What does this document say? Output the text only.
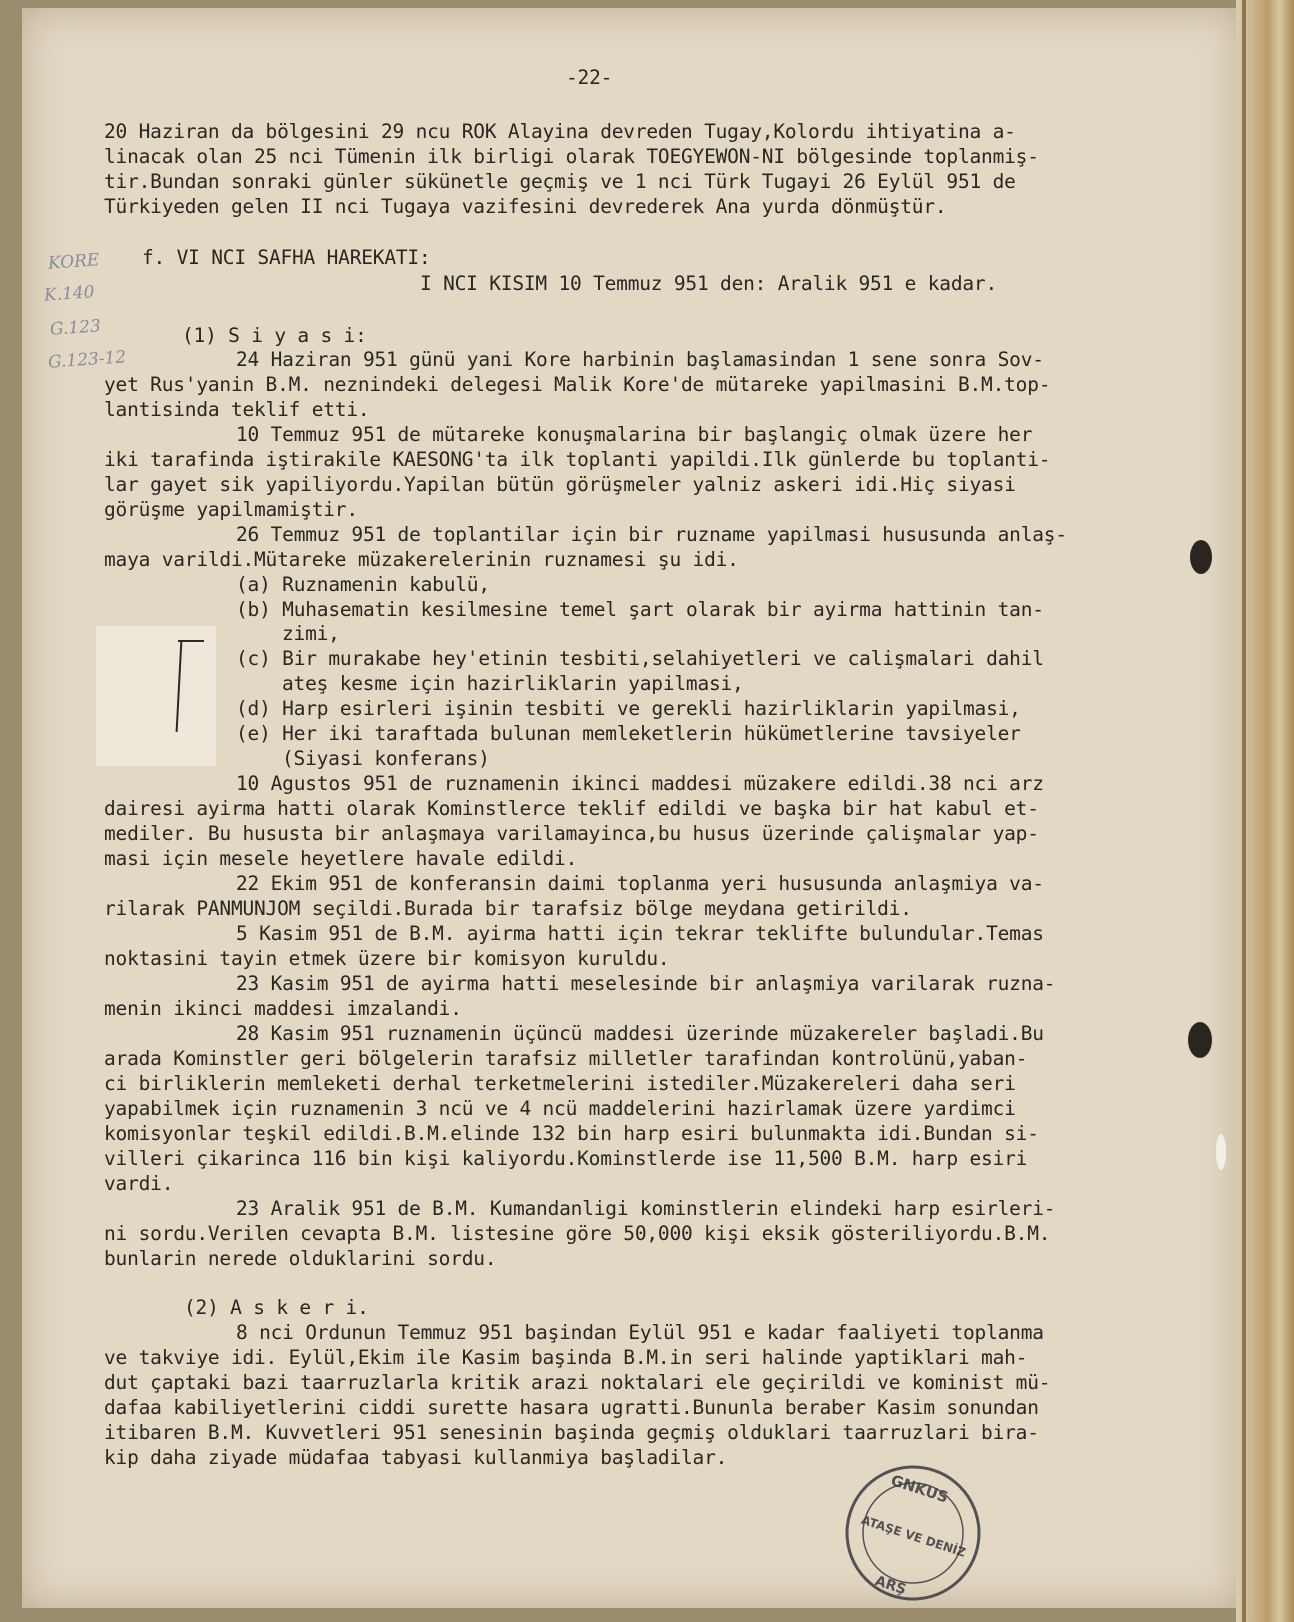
-22-
KORE
K.140
G.123
G.123-12
20 Haziran da bölgesini 29 ncu ROK Alayina devreden Tugay,Kolordu ihtiyatina a-
linacak olan 25 nci Tümenin ilk birligi olarak TOEGYEWON-NI bölgesinde toplanmiş-
tir.Bundan sonraki günler sükünetle geçmiş ve 1 nci Türk Tugayi 26 Eylül 951 de
Türkiyeden gelen II nci Tugaya vazifesini devrederek Ana yurda dönmüştür.
f. VI NCI SAFHA HAREKATI:
I NCI KISIM 10 Temmuz 951 den: Aralik 951 e kadar.
(1) S i y a s i:
24 Haziran 951 günü yani Kore harbinin başlamasindan 1 sene sonra Sov-
yet Rus'yanin B.M. neznindeki delegesi Malik Kore'de mütareke yapilmasini B.M.top-
lantisinda teklif etti.
10 Temmuz 951 de mütareke konuşmalarina bir başlangiç olmak üzere her
iki tarafinda iştirakile KAESONG'ta ilk toplanti yapildi.Ilk günlerde bu toplanti-
lar gayet sik yapiliyordu.Yapilan bütün görüşmeler yalniz askeri idi.Hiç siyasi
görüşme yapilmamiştir.
26 Temmuz 951 de toplantilar için bir ruzname yapilmasi hususunda anlaş-
maya varildi.Mütareke müzakerelerinin ruznamesi şu idi.
(a) Ruznamenin kabulü,
(b) Muhasematin kesilmesine temel şart olarak bir ayirma hattinin tan-
zimi,
(c) Bir murakabe hey'etinin tesbiti,selahiyetleri ve calişmalari dahil
ateş kesme için hazirliklarin yapilmasi,
(d) Harp esirleri işinin tesbiti ve gerekli hazirliklarin yapilmasi,
(e) Her iki taraftada bulunan memleketlerin hükümetlerine tavsiyeler
(Siyasi konferans)
10 Agustos 951 de ruznamenin ikinci maddesi müzakere edildi.38 nci arz
dairesi ayirma hatti olarak Kominstlerce teklif edildi ve başka bir hat kabul et-
mediler. Bu hususta bir anlaşmaya varilamayinca,bu husus üzerinde çalişmalar yap-
masi için mesele heyetlere havale edildi.
22 Ekim 951 de konferansin daimi toplanma yeri hususunda anlaşmiya va-
rilarak PANMUNJOM seçildi.Burada bir tarafsiz bölge meydana getirildi.
5 Kasim 951 de B.M. ayirma hatti için tekrar teklifte bulundular.Temas
noktasini tayin etmek üzere bir komisyon kuruldu.
23 Kasim 951 de ayirma hatti meselesinde bir anlaşmiya varilarak ruzna-
menin ikinci maddesi imzalandi.
28 Kasim 951 ruznamenin üçüncü maddesi üzerinde müzakereler başladi.Bu
arada Kominstler geri bölgelerin tarafsiz milletler tarafindan kontrolünü,yaban-
ci birliklerin memleketi derhal terketmelerini istediler.Müzakereleri daha seri
yapabilmek için ruznamenin 3 ncü ve 4 ncü maddelerini hazirlamak üzere yardimci
komisyonlar teşkil edildi.B.M.elinde 132 bin harp esiri bulunmakta idi.Bundan si-
villeri çikarinca 116 bin kişi kaliyordu.Kominstlerde ise 11,500 B.M. harp esiri
vardi.
23 Aralik 951 de B.M. Kumandanligi kominstlerin elindeki harp esirleri-
ni sordu.Verilen cevapta B.M. listesine göre 50,000 kişi eksik gösteriliyordu.B.M.
bunlarin nerede olduklarini sordu.
(2) A s k e r i.
8 nci Ordunun Temmuz 951 başindan Eylül 951 e kadar faaliyeti toplanma
ve takviye idi. Eylül,Ekim ile Kasim başinda B.M.in seri halinde yaptiklari mah-
dut çaptaki bazi taarruzlarla kritik arazi noktalari ele geçirildi ve kominist mü-
dafaa kabiliyetlerini ciddi surette hasara ugratti.Bununla beraber Kasim sonundan
itibaren B.M. Kuvvetleri 951 senesinin başinda geçmiş olduklari taarruzlari bira-
kip daha ziyade müdafaa tabyasi kullanmiya başladilar.
GNKUS
ATAŞE VE DENİZ
ARŞ
